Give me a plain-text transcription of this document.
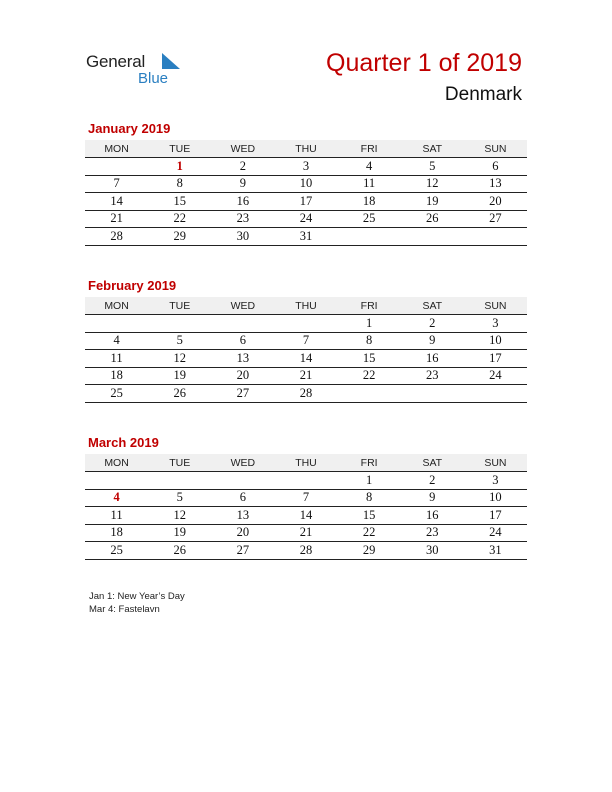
General
Blue
Quarter 1 of 2019
Denmark
January 2019
MON	TUE	WED	THU	FRI	SAT	SUN
	1	2	3	4	5	6
7	8	9	10	11	12	13
14	15	16	17	18	19	20
21	22	23	24	25	26	27
28	29	30	31			
February 2019
MON	TUE	WED	THU	FRI	SAT	SUN
				1	2	3
4	5	6	7	8	9	10
11	12	13	14	15	16	17
18	19	20	21	22	23	24
25	26	27	28			
March 2019
MON	TUE	WED	THU	FRI	SAT	SUN
				1	2	3
4	5	6	7	8	9	10
11	12	13	14	15	16	17
18	19	20	21	22	23	24
25	26	27	28	29	30	31
Jan 1: New Year’s Day
Mar 4: Fastelavn
